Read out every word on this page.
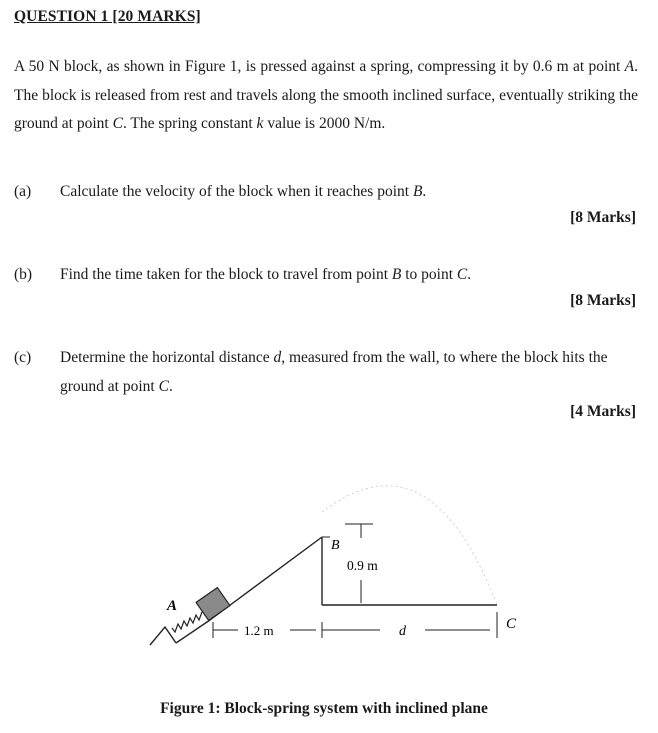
QUESTION 1 [20 MARKS]
A 50 N block, as shown in Figure 1, is pressed against a spring, compressing it by 0.6 m at point A. The block is released from rest and travels along the smooth inclined surface, eventually striking the ground at point C. The spring constant k value is 2000 N/m.
(a) Calculate the velocity of the block when it reaches point B.
[8 Marks]
(b) Find the time taken for the block to travel from point B to point C.
[8 Marks]
(c) Determine the horizontal distance d, measured from the wall, to where the block hits the ground at point C.
[4 Marks]
A
B
0.9 m
1.2 m	d	C
Figure 1: Block-spring system with inclined plane
